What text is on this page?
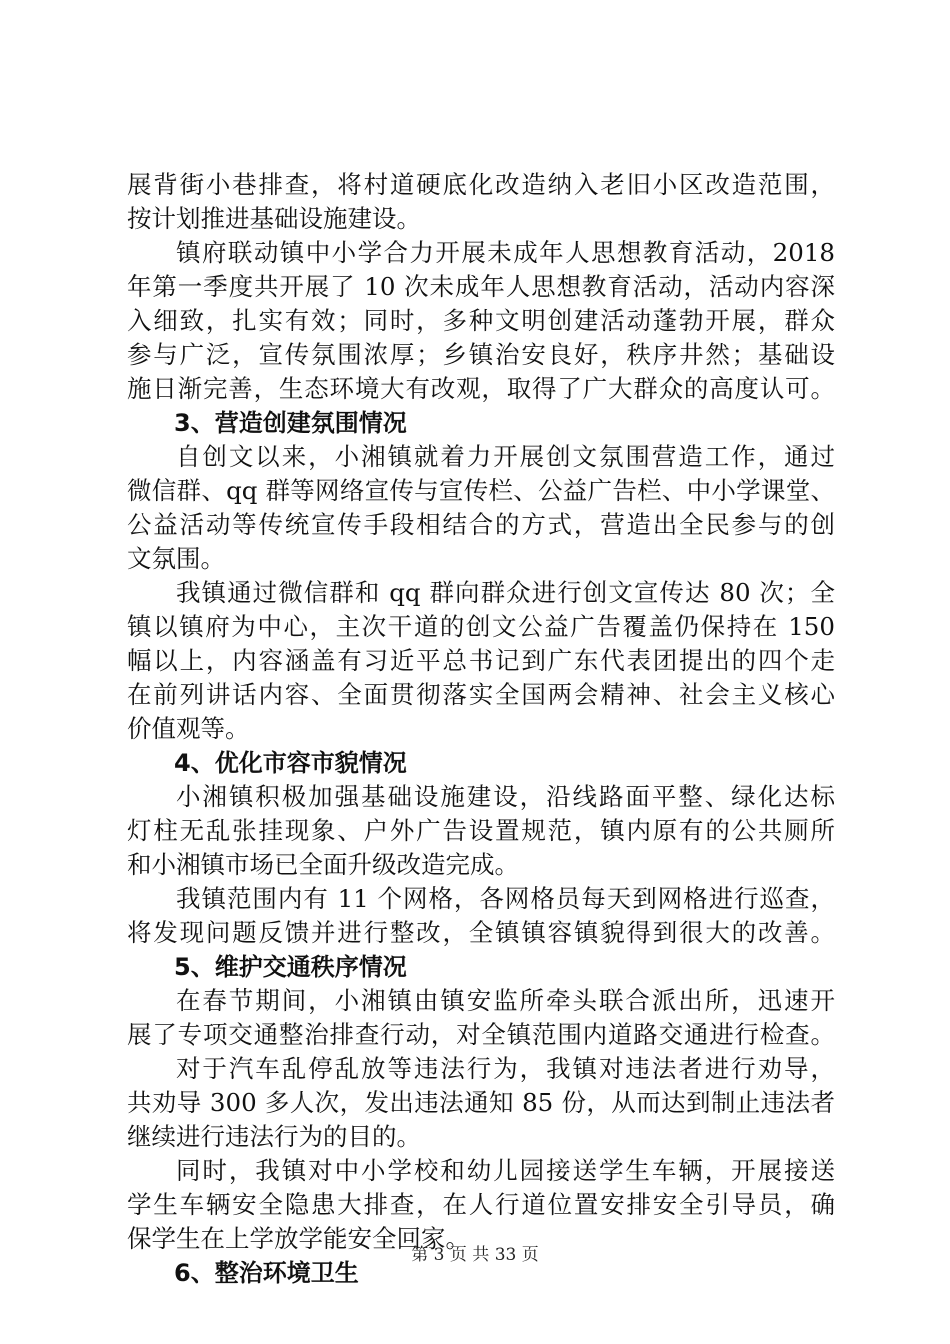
展背街小巷排查，将村道硬底化改造纳入老旧小区改造范围，
按计划推进基础设施建设。
镇府联动镇中小学合力开展未成年人思想教育活动，2018
年第一季度共开展了 10 次未成年人思想教育活动，活动内容深
入细致，扎实有效；同时，多种文明创建活动蓬勃开展，群众
参与广泛，宣传氛围浓厚；乡镇治安良好，秩序井然；基础设
施日渐完善，生态环境大有改观，取得了广大群众的高度认可。
3、营造创建氛围情况
自创文以来，小湘镇就着力开展创文氛围营造工作，通过
微信群、qq 群等网络宣传与宣传栏、公益广告栏、中小学课堂、
公益活动等传统宣传手段相结合的方式，营造出全民参与的创
文氛围。
我镇通过微信群和 qq 群向群众进行创文宣传达 80 次；全
镇以镇府为中心，主次干道的创文公益广告覆盖仍保持在 150
幅以上，内容涵盖有习近平总书记到广东代表团提出的四个走
在前列讲话内容、全面贯彻落实全国两会精神、社会主义核心
价值观等。
4、优化市容市貌情况
小湘镇积极加强基础设施建设，沿线路面平整、绿化达标
灯柱无乱张挂现象、户外广告设置规范，镇内原有的公共厕所
和小湘镇市场已全面升级改造完成。
我镇范围内有 11 个网格，各网格员每天到网格进行巡查，
将发现问题反馈并进行整改，全镇镇容镇貌得到很大的改善。
5、维护交通秩序情况
在春节期间，小湘镇由镇安监所牵头联合派出所，迅速开
展了专项交通整治排查行动，对全镇范围内道路交通进行检查。
对于汽车乱停乱放等违法行为，我镇对违法者进行劝导，
共劝导 300 多人次，发出违法通知 85 份，从而达到制止违法者
继续进行违法行为的目的。
同时，我镇对中小学校和幼儿园接送学生车辆，开展接送
学生车辆安全隐患大排查，在人行道位置安排安全引导员，确
保学生在上学放学能安全回家。
6、整治环境卫生
第 3 页 共 33 页
